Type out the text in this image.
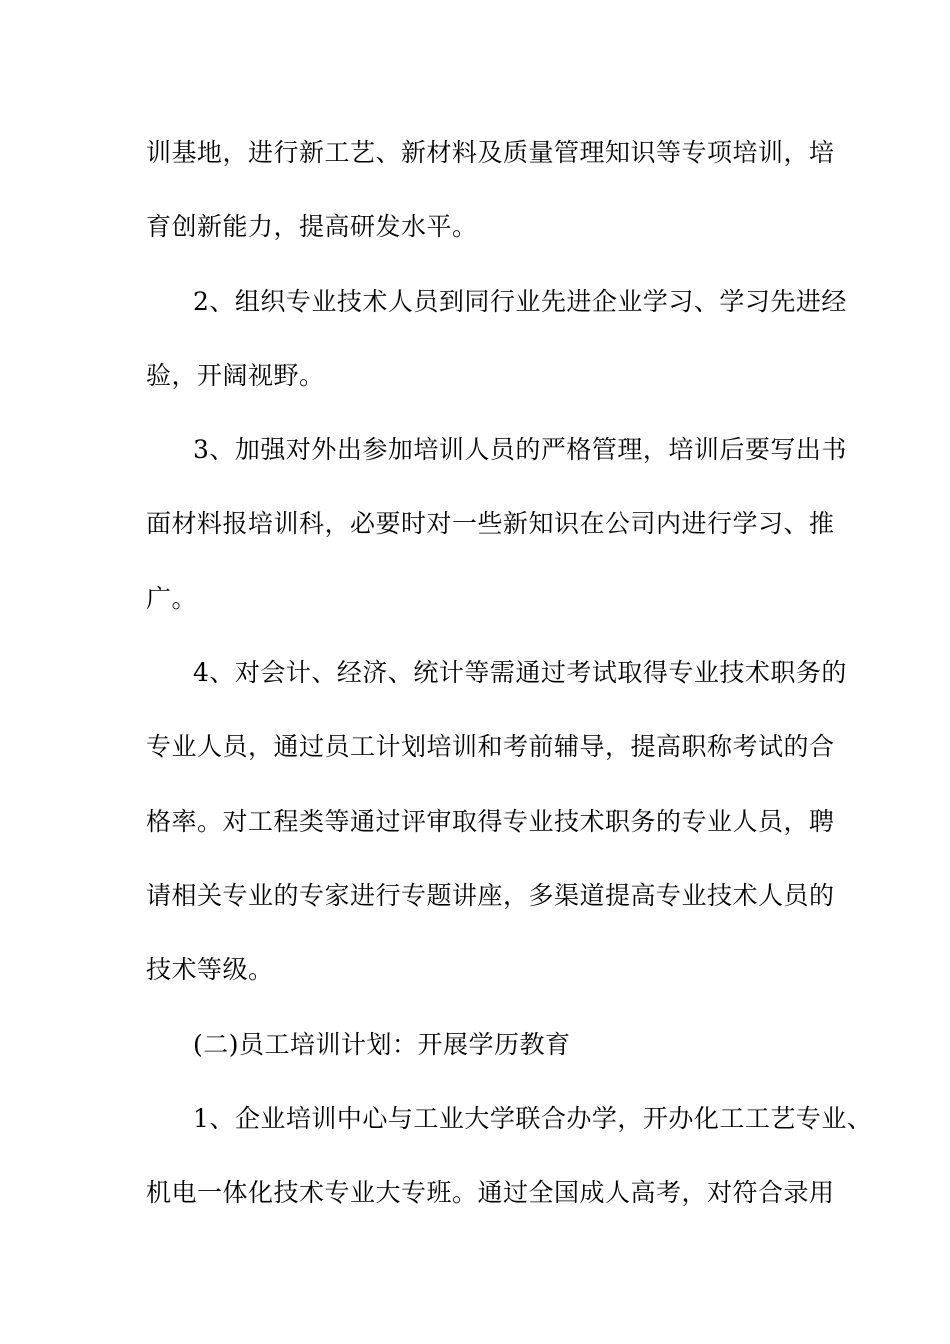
训基地，进行新工艺、新材料及质量管理知识等专项培训，培
育创新能力，提高研发水平。
2、组织专业技术人员到同行业先进企业学习、学习先进经
验，开阔视野。
3、加强对外出参加培训人员的严格管理，培训后要写出书
面材料报培训科，必要时对一些新知识在公司内进行学习、推
广。
4、对会计、经济、统计等需通过考试取得专业技术职务的
专业人员，通过员工计划培训和考前辅导，提高职称考试的合
格率。对工程类等通过评审取得专业技术职务的专业人员，聘
请相关专业的专家进行专题讲座，多渠道提高专业技术人员的
技术等级。
(二)员工培训计划：开展学历教育
1、企业培训中心与工业大学联合办学，开办化工工艺专业、
机电一体化技术专业大专班。通过全国成人高考，对符合录用
